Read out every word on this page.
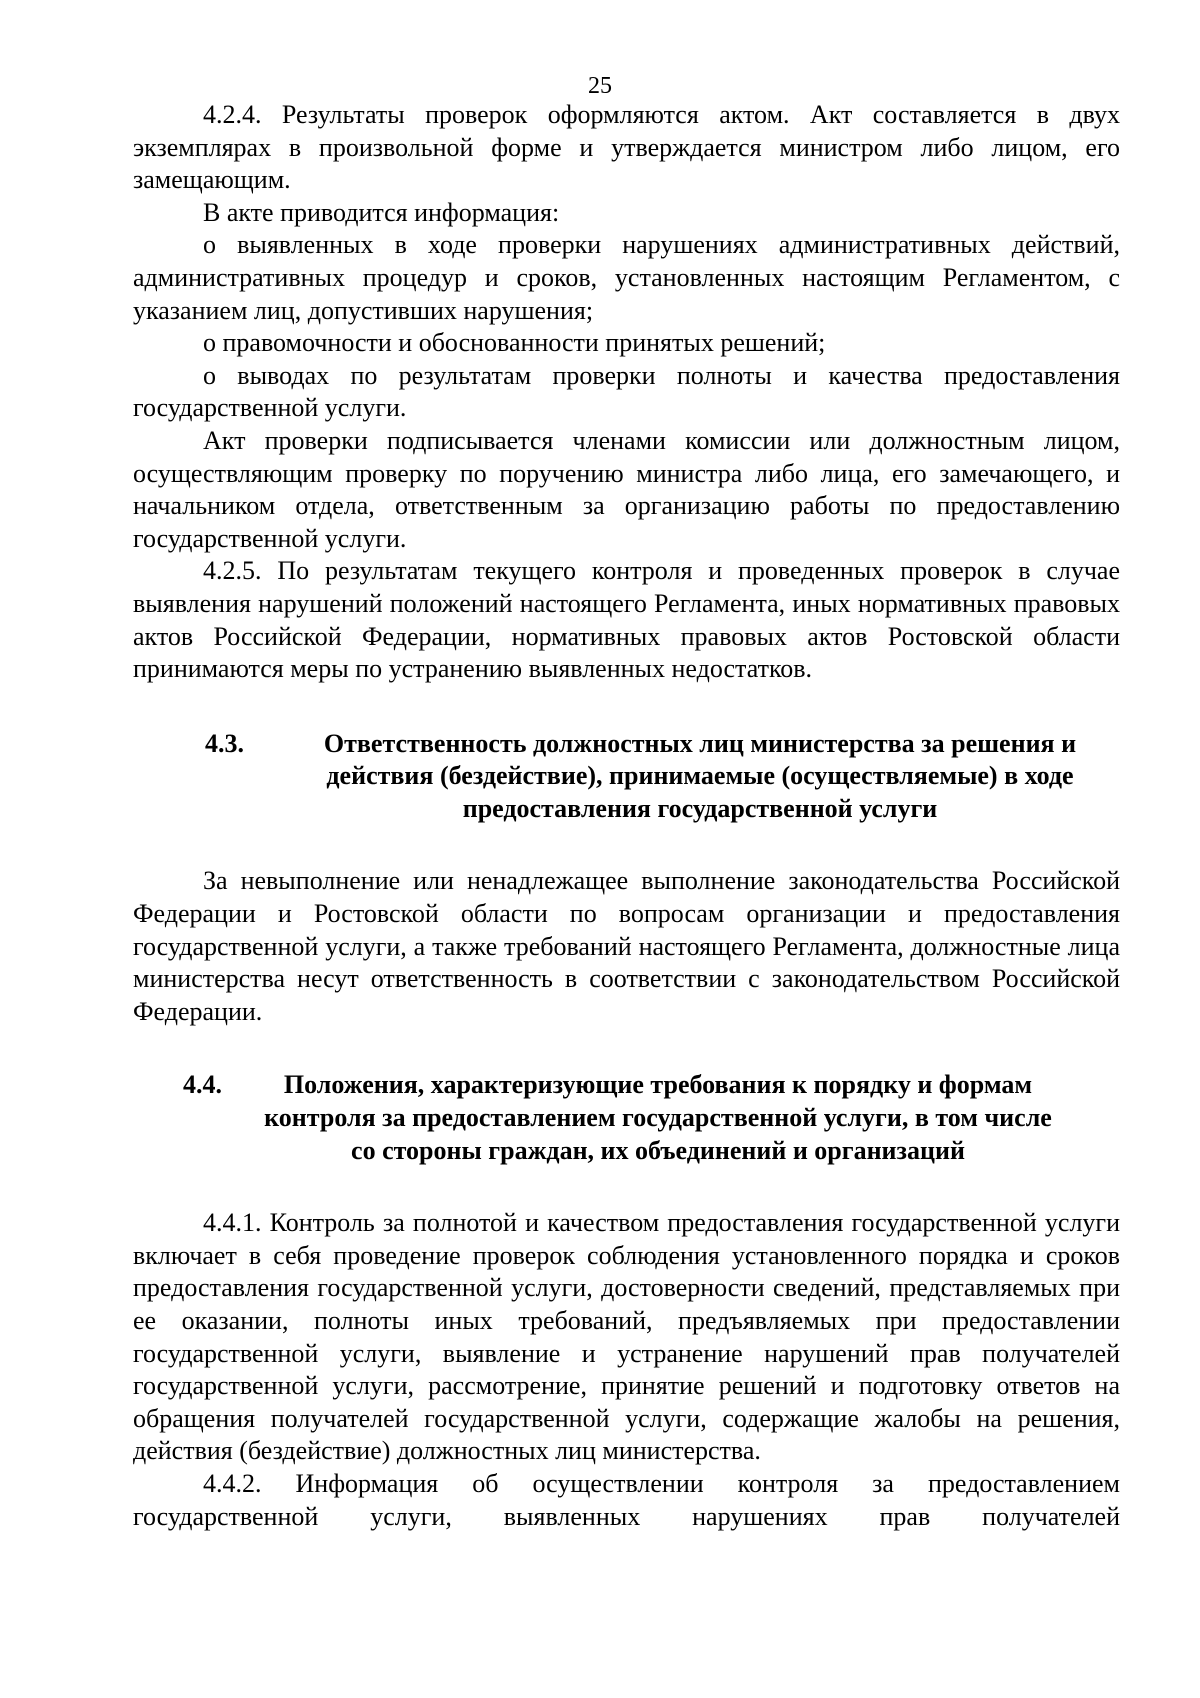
25

4.2.4. Результаты проверок оформляются актом. Акт составляется в двух экземплярах в произвольной форме и утверждается министром либо лицом, его замещающим.

В акте приводится информация:

о выявленных в ходе проверки нарушениях административных действий, административных процедур и сроков, установленных настоящим Регламентом, с указанием лиц, допустивших нарушения;

о правомочности и обоснованности принятых решений;

о выводах по результатам проверки полноты и качества предоставления государственной услуги.

Акт проверки подписывается членами комиссии или должностным лицом, осуществляющим проверку по поручению министра либо лица, его замечающего, и начальником отдела, ответственным за организацию работы по предоставлению государственной услуги.

4.2.5. По результатам текущего контроля и проведенных проверок в случае выявления нарушений положений настоящего Регламента, иных нормативных правовых актов Российской Федерации, нормативных правовых актов Ростовской области принимаются меры по устранению выявленных недостатков.

4.3.	Ответственность должностных лиц министерства за решения и действия (бездействие), принимаемые (осуществляемые) в ходе предоставления государственной услуги

За невыполнение или ненадлежащее выполнение законодательства Российской Федерации и Ростовской области по вопросам организации и предоставления государственной услуги, а также требований настоящего Регламента, должностные лица министерства несут ответственность в соответствии с законодательством Российской Федерации.

4.4.	Положения, характеризующие требования к порядку и формам контроля за предоставлением государственной услуги, в том числе со стороны граждан, их объединений и организаций

4.4.1. Контроль за полнотой и качеством предоставления государственной услуги включает в себя проведение проверок соблюдения установленного порядка и сроков предоставления государственной услуги, достоверности сведений, представляемых при ее оказании, полноты иных требований, предъявляемых при предоставлении государственной услуги, выявление и устранение нарушений прав получателей государственной услуги, рассмотрение, принятие решений и подготовку ответов на обращения получателей государственной услуги, содержащие жалобы на решения, действия (бездействие) должностных лиц министерства.

4.4.2. Информация об осуществлении контроля за предоставлением государственной услуги, выявленных нарушениях прав получателей
